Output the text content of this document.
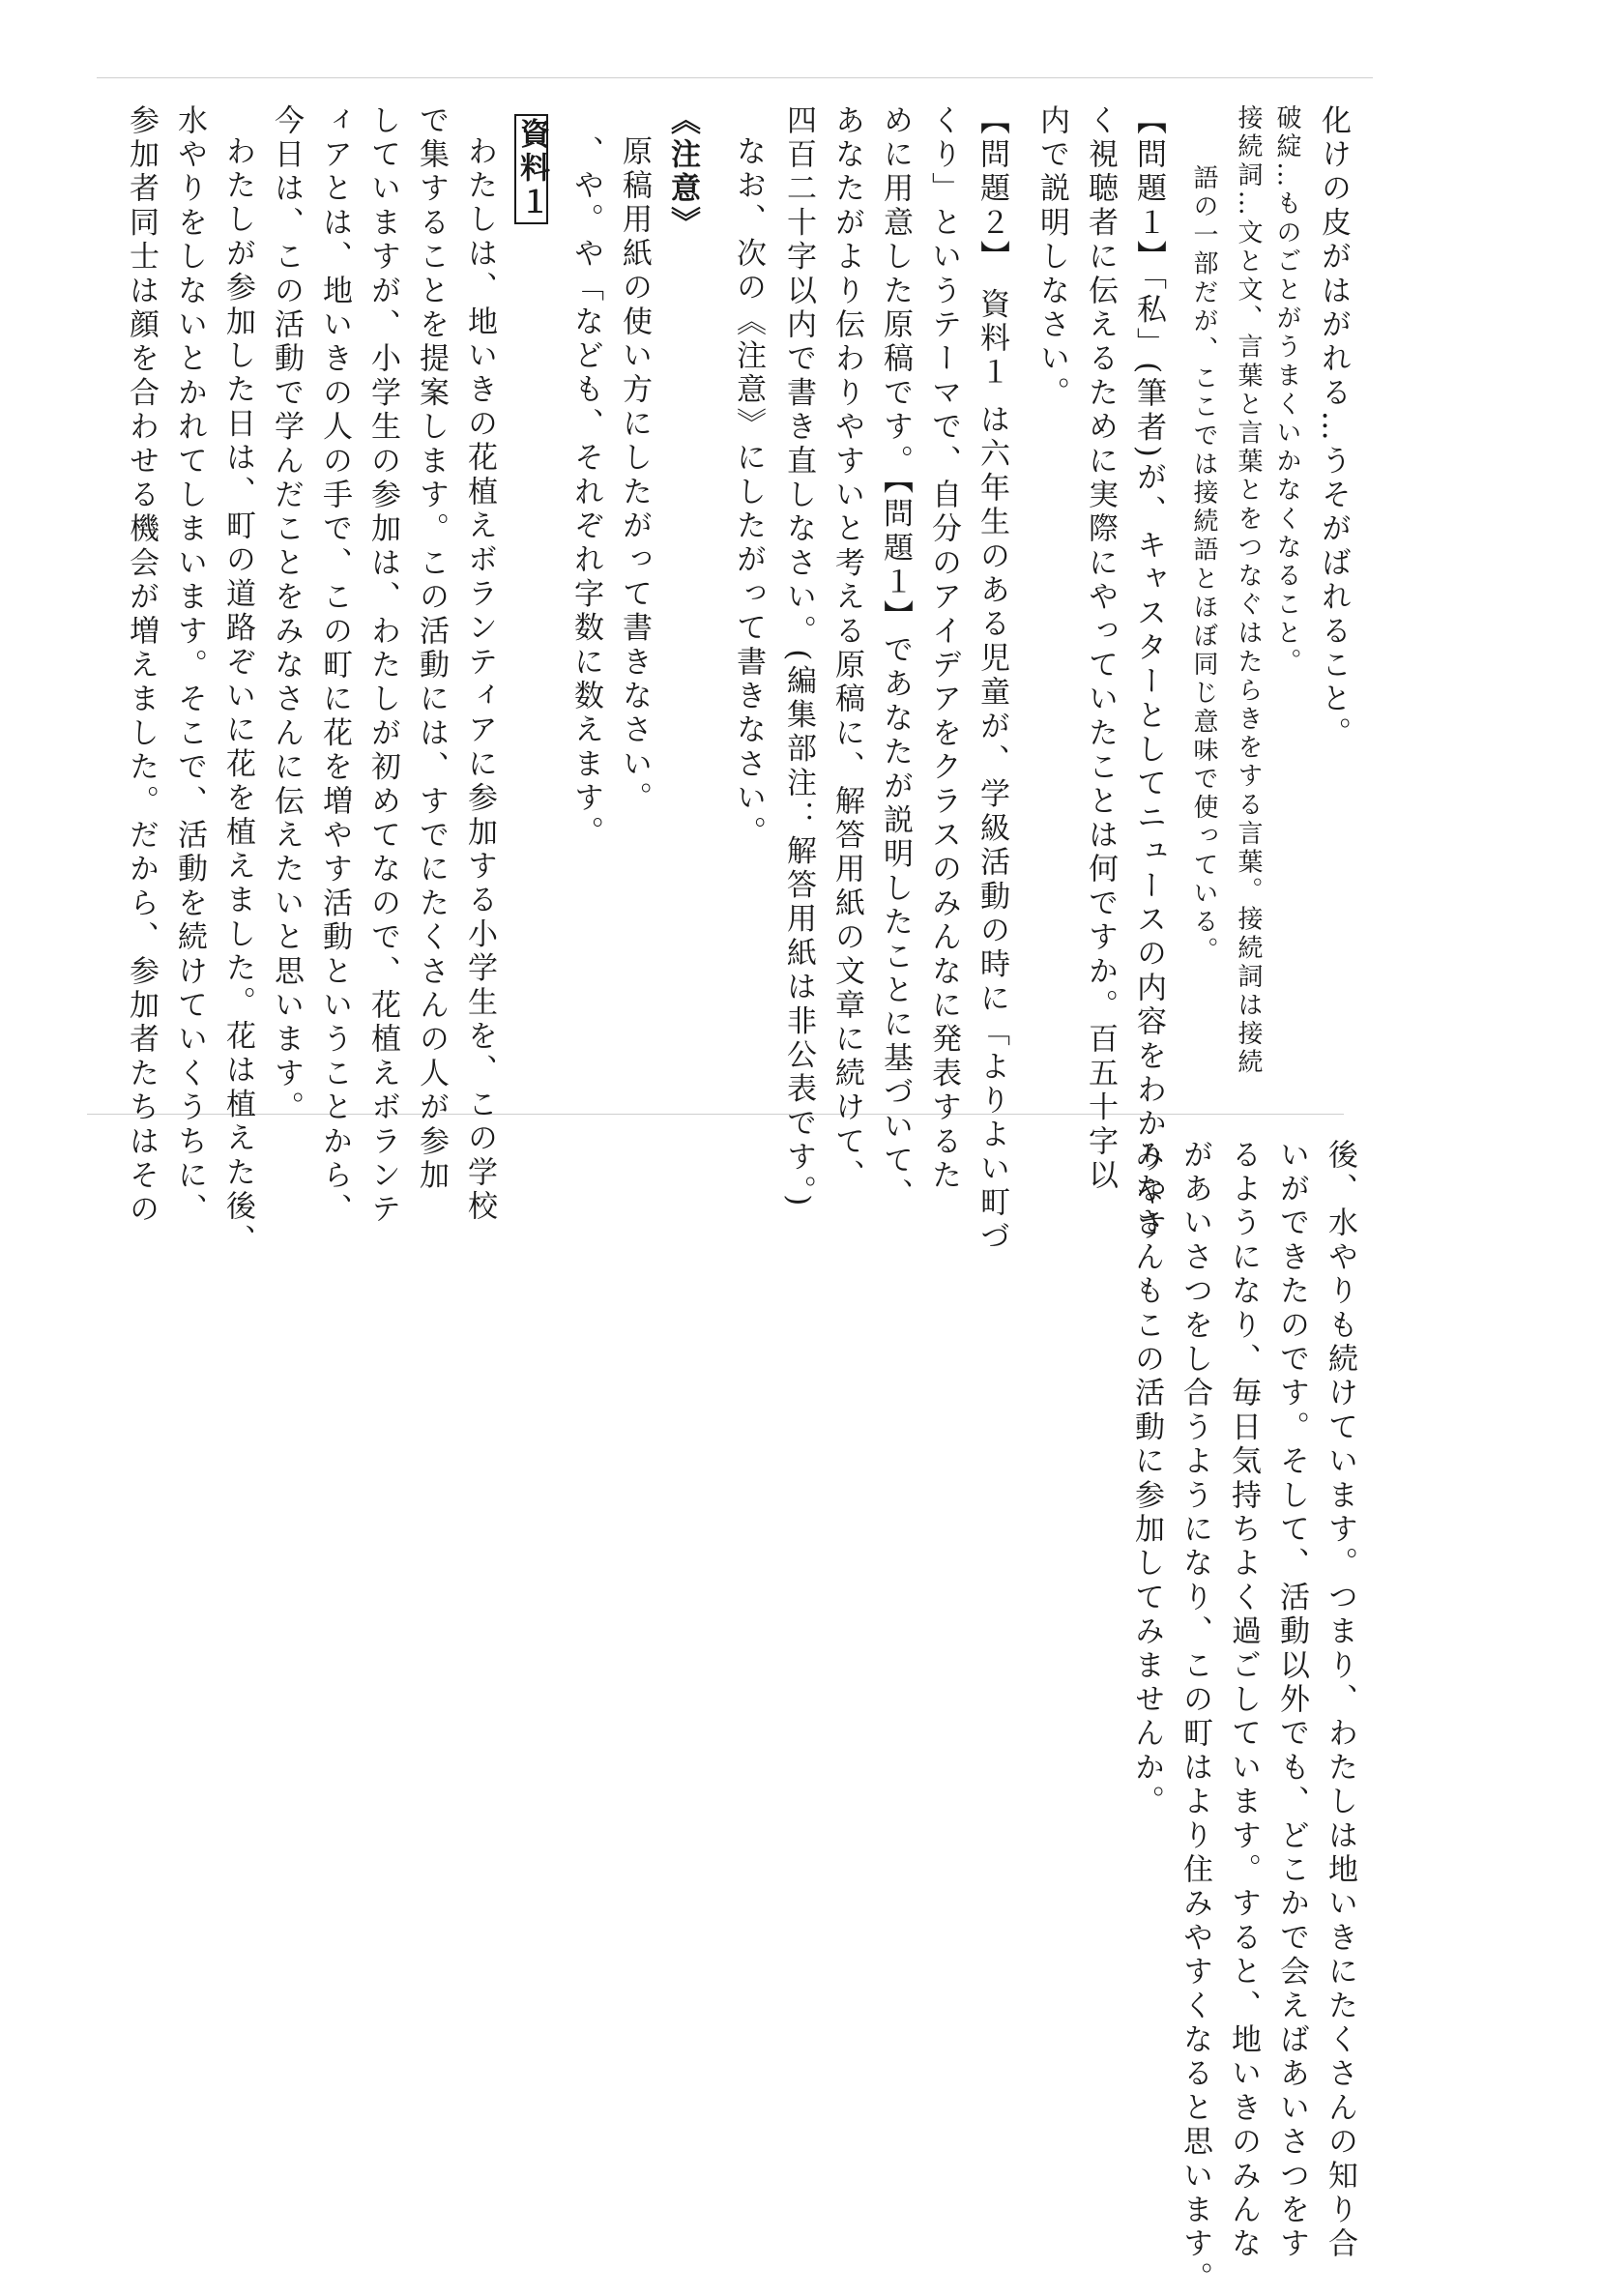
化けの皮がはがれる…うそがばれること。
破綻…ものごとがうまくいかなくなること。
接続詞…文と文、言葉と言葉とをつなぐはたらきをする言葉。接続詞は接続
語の一部だが、ここでは接続語とほぼ同じ意味で使っている。
【問題１】「私」(筆者)が、キャスターとしてニュースの内容をわかりやす
く視聴者に伝えるために実際にやっていたことは何ですか。百五十字以
内で説明しなさい。
【問題２】 資料１ は六年生のある児童が、学級活動の時に「よりよい町づ
くり」というテーマで、自分のアイデアをクラスのみんなに発表するた
めに用意した原稿です。【問題１】であなたが説明したことに基づいて、
あなたがより伝わりやすいと考える原稿に、解答用紙の文章に続けて、
四百二十字以内で書き直しなさい。(編集部注：解答用紙は非公表です。)
なお、次の《注意》にしたがって書きなさい。
《注意》
原稿用紙の使い方にしたがって書きなさい。
、や。や「なども、それぞれ字数に数えます。
資料１
わたしは、地いきの花植えボランティアに参加する小学生を、この学校
で集することを提案します。この活動には、すでにたくさんの人が参加
していますが、小学生の参加は、わたしが初めてなので、花植えボランテ
ィアとは、地いきの人の手で、この町に花を増やす活動ということから、
今日は、この活動で学んだことをみなさんに伝えたいと思います。
わたしが参加した日は、町の道路ぞいに花を植えました。花は植えた後、
水やりをしないとかれてしまいます。そこで、活動を続けていくうちに、
参加者同士は顔を合わせる機会が増えました。だから、参加者たちはその
後、水やりも続けています。つまり、わたしは地いきにたくさんの知り合
いができたのです。そして、活動以外でも、どこかで会えばあいさつをす
るようになり、毎日気持ちよく過ごしています。すると、地いきのみんな
があいさつをし合うようになり、この町はより住みやすくなると思います。
みなさんもこの活動に参加してみませんか。
